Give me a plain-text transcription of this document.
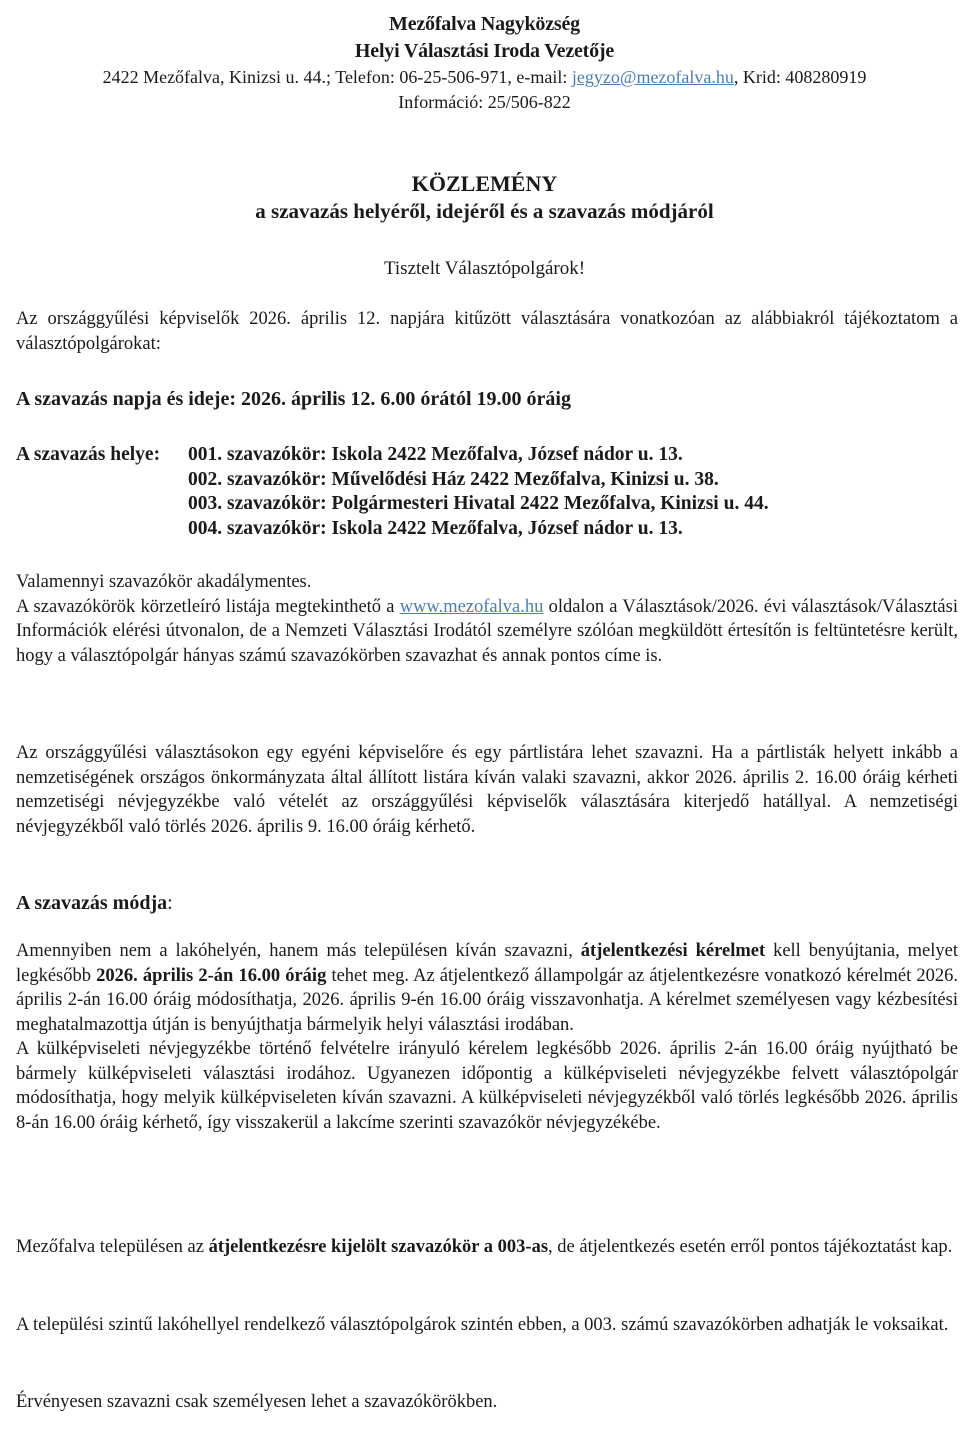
Mezőfalva Nagyközség
Helyi Választási Iroda Vezetője
2422 Mezőfalva, Kinizsi u. 44.; Telefon: 06-25-506-971, e-mail: jegyzo@mezofalva.hu, Krid: 408280919
Információ: 25/506-822
KÖZLEMÉNY
a szavazás helyéről, idejéről és a szavazás módjáról
Tisztelt Választópolgárok!

Az országgyűlési képviselők 2026. április 12. napjára kitűzött választására vonatkozóan az alábbiakról tájékoztatom a választópolgárokat:

A szavazás napja és ideje: 2026. április 12. 6.00 órától 19.00 óráig
A szavazás helye: 001. szavazókör: Iskola 2422 Mezőfalva, József nádor u. 13.
002. szavazókör: Művelődési Ház 2422 Mezőfalva, Kinizsi u. 38.
003. szavazókör: Polgármesteri Hivatal 2422 Mezőfalva, Kinizsi u. 44.
004. szavazókör: Iskola 2422 Mezőfalva, József nádor u. 13.

Valamennyi szavazókör akadálymentes.

A szavazókörök körzetleíró listája megtekinthető a www.mezofalva.hu oldalon a Választások/2026. évi választások/Választási Információk elérési útvonalon, de a Nemzeti Választási Irodától személyre szólóan megküldött értesítőn is feltüntetésre került, hogy a választópolgár hányas számú szavazókörben szavazhat és annak pontos címe is.

Az országgyűlési választásokon egy egyéni képviselőre és egy pártlistára lehet szavazni. Ha a pártlisták helyett inkább a nemzetiségének országos önkormányzata által állított listára kíván valaki szavazni, akkor 2026. április 2. 16.00 óráig kérheti nemzetiségi névjegyzékbe való vételét az országgyűlési képviselők választására kiterjedő hatállyal. A nemzetiségi névjegyzékből való törlés 2026. április 9. 16.00 óráig kérhető.

A szavazás módja:

Amennyiben nem a lakóhelyén, hanem más településen kíván szavazni, átjelentkezési kérelmet kell benyújtania, melyet legkésőbb 2026. április 2-án 16.00 óráig tehet meg. Az átjelentkező állampolgár az átjelentkezésre vonatkozó kérelmét 2026. április 2-án 16.00 óráig módosíthatja, 2026. április 9-én 16.00 óráig visszavonhatja. A kérelmet személyesen vagy kézbesítési meghatalmazottja útján is benyújthatja bármelyik helyi választási irodában.

A külképviseleti névjegyzékbe történő felvételre irányuló kérelem legkésőbb 2026. április 2-án 16.00 óráig nyújtható be bármely külképviseleti választási irodához. Ugyanezen időpontig a külképviseleti névjegyzékbe felvett választópolgár módosíthatja, hogy melyik külképviseleten kíván szavazni. A külképviseleti névjegyzékből való törlés legkésőbb 2026. április 8-án 16.00 óráig kérhető, így visszakerül a lakcíme szerinti szavazókör névjegyzékébe.

Mezőfalva településen az átjelentkezésre kijelölt szavazókör a 003-as, de átjelentkezés esetén erről pontos tájékoztatást kap.

A települési szintű lakóhellyel rendelkező választópolgárok szintén ebben, a 003. számú szavazókörben adhatják le voksaikat.

Érvényesen szavazni csak személyesen lehet a szavazókörökben.
